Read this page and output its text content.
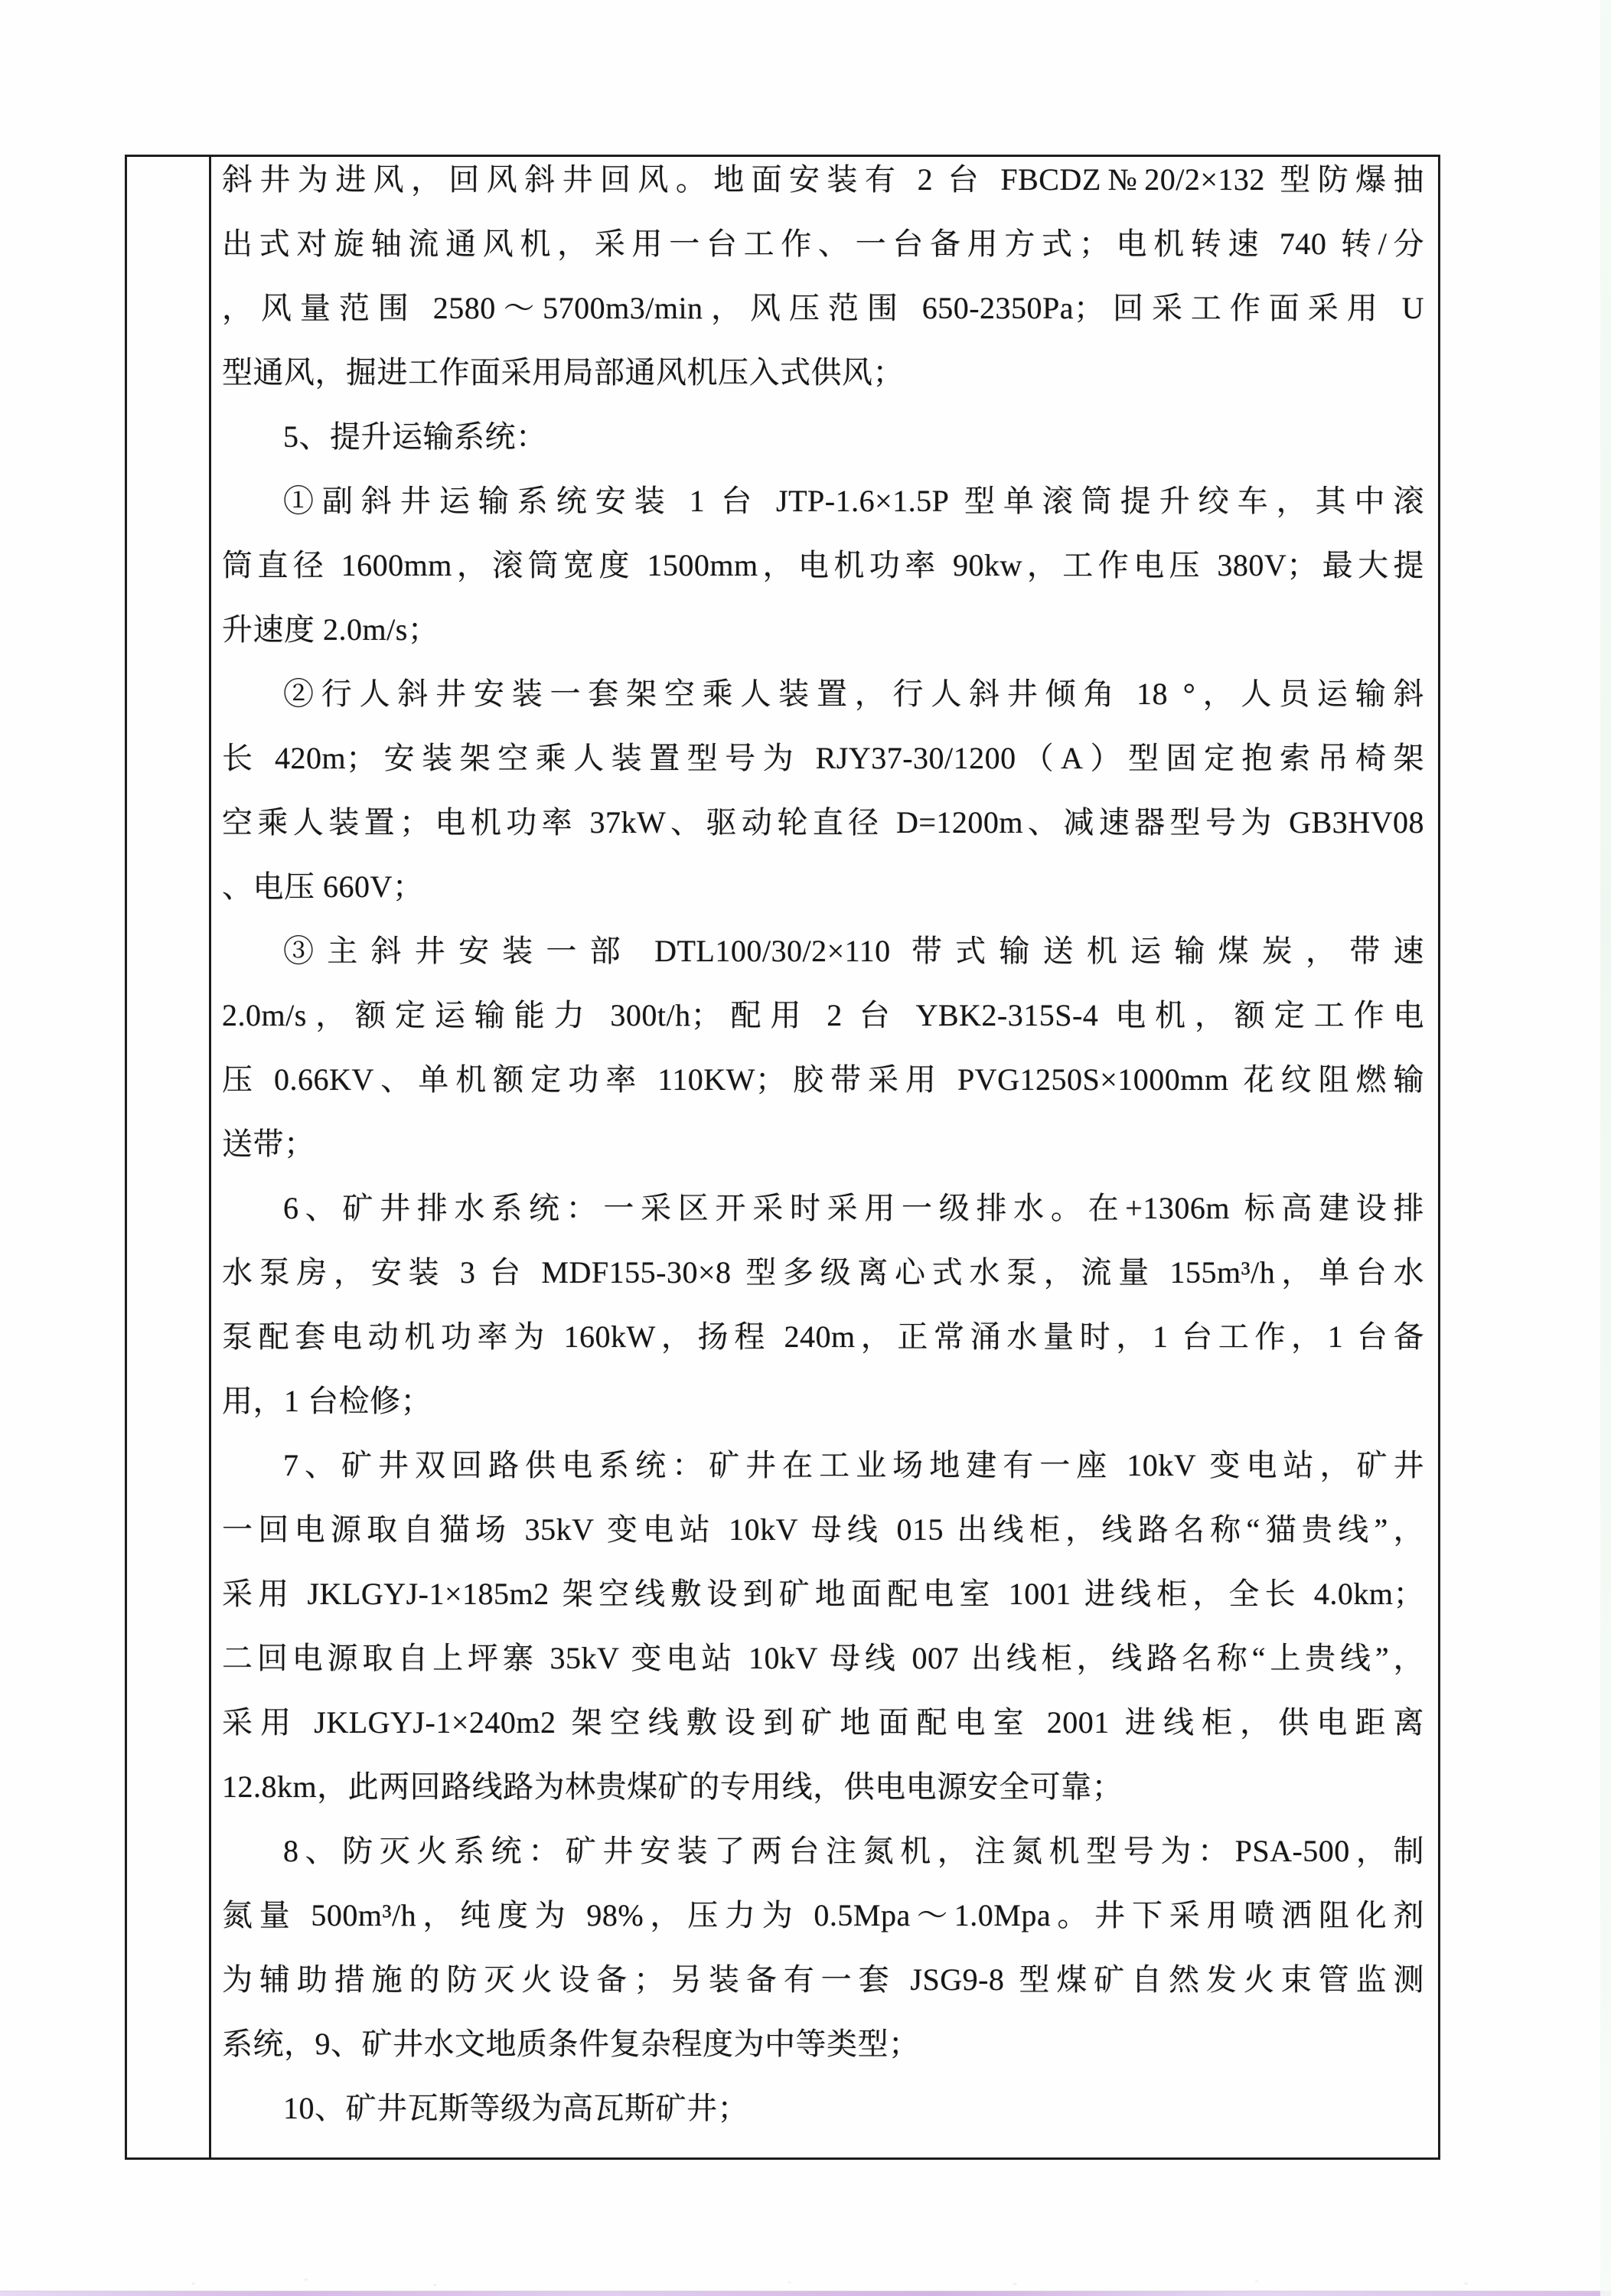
斜井为进风，回风斜井回风。地面安装有 2 台 FBCDZ№20/2×132 型防爆抽
出式对旋轴流通风机，采用一台工作、一台备用方式；电机转速 740 转/分
，风量范围 2580～5700m3/min，风压范围 650-2350Pa；回采工作面采用 U
型通风，掘进工作面采用局部通风机压入式供风；
5、提升运输系统：
①副斜井运输系统安装 1 台 JTP-1.6×1.5P 型单滚筒提升绞车，其中滚
筒直径 1600mm，滚筒宽度 1500mm，电机功率 90kw，工作电压 380V；最大提
升速度 2.0m/s；
②行人斜井安装一套架空乘人装置，行人斜井倾角 18 °，人员运输斜
长 420m；安装架空乘人装置型号为 RJY37-30/1200（A）型固定抱索吊椅架
空乘人装置；电机功率 37kW、驱动轮直径 D=1200m、减速器型号为 GB3HV08
、电压 660V；
③主斜井安装一部 DTL100/30/2×110 带式输送机运输煤炭，带速
2.0m/s，额定运输能力 300t/h；配用 2 台 YBK2-315S-4 电机，额定工作电
压 0.66KV、单机额定功率 110KW；胶带采用 PVG1250S×1000mm 花纹阻燃输
送带；
6、矿井排水系统：一采区开采时采用一级排水。在+1306m 标高建设排
水泵房，安装 3 台 MDF155-30×8 型多级离心式水泵，流量 155m³/h，单台水
泵配套电动机功率为 160kW，扬程 240m，正常涌水量时，1 台工作，1 台备
用，1 台检修；
7、矿井双回路供电系统：矿井在工业场地建有一座 10kV 变电站，矿井
一回电源取自猫场 35kV 变电站 10kV 母线 015 出线柜，线路名称“猫贵线”，
采用 JKLGYJ-1×185m2 架空线敷设到矿地面配电室 1001 进线柜，全长 4.0km；
二回电源取自上坪寨 35kV 变电站 10kV 母线 007 出线柜，线路名称“上贵线”，
采用 JKLGYJ-1×240m2 架空线敷设到矿地面配电室 2001 进线柜，供电距离
12.8km，此两回路线路为林贵煤矿的专用线，供电电源安全可靠；
8、防灭火系统：矿井安装了两台注氮机，注氮机型号为：PSA-500，制
氮量 500m³/h，纯度为 98%，压力为 0.5Mpa～1.0Mpa。井下采用喷洒阻化剂
为辅助措施的防灭火设备；另装备有一套 JSG9-8 型煤矿自然发火束管监测
系统，9、矿井水文地质条件复杂程度为中等类型；
10、矿井瓦斯等级为高瓦斯矿井；
